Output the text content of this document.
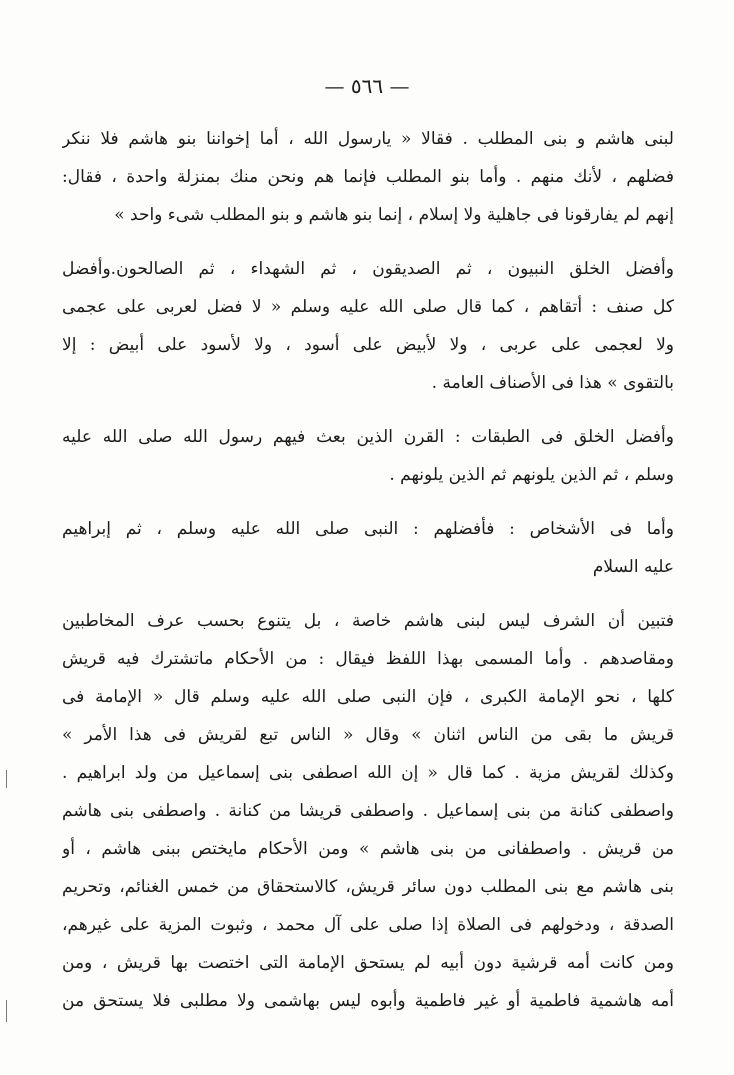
— ٥٦٦ —
لبنى هاشم و بنى المطلب . فقالا « يارسول الله ، أما إخواننا بنو هاشم فلا ننكر
فضلهم ، لأنك منهم . وأما بنو المطلب فإنما هم ونحن منك بمنزلة واحدة ، فقال:
إنهم لم يفارقونا فى جاهلية ولا إسلام ، إنما بنو هاشم و بنو المطلب شىء واحد »
وأفضل الخلق النبيون ، ثم الصديقون ، ثم الشهداء ، ثم الصالحون.وأفضل
كل صنف : أتقاهم ، كما قال صلى الله عليه وسلم « لا فضل لعربى على عجمى
ولا لعجمى على عربى ، ولا لأبيض على أسود ، ولا لأسود على أبيض : إلا
بالتقوى » هذا فى الأصناف العامة .
وأفضل الخلق فى الطبقات : القرن الذين بعث فيهم رسول الله صلى الله عليه
وسلم ، ثم الذين يلونهم ثم الذين يلونهم .
وأما فى الأشخاص : فأفضلهم : النبى صلى الله عليه وسلم ، ثم إبراهيم
عليه السلام
فتبين أن الشرف ليس لبنى هاشم خاصة ، بل يتنوع بحسب عرف المخاطبين
ومقاصدهم . وأما المسمى بهذا اللفظ فيقال : من الأحكام ماتشترك فيه قريش
كلها ، نحو الإمامة الكبرى ، فإن النبى صلى الله عليه وسلم قال « الإمامة فى
قريش ما بقى من الناس اثنان » وقال « الناس تبع لقريش فى هذا الأمر »
وكذلك لقريش مزية . كما قال « إن الله اصطفى بنى إسماعيل من ولد ابراهيم .
واصطفى كنانة من بنى إسماعيل . واصطفى قريشا من كنانة . واصطفى بنى هاشم
من قريش . واصطفانى من بنى هاشم » ومن الأحكام مايختص ببنى هاشم ، أو
بنى هاشم مع بنى المطلب دون سائر قريش، كالاستحقاق من خمس الغنائم، وتحريم
الصدقة ، ودخولهم فى الصلاة إذا صلى على آل محمد ، وثبوت المزية على غيرهم،
ومن كانت أمه قرشية دون أبيه لم يستحق الإمامة التى اختصت بها قريش ، ومن
أمه هاشمية فاطمية أو غير فاطمية وأبوه ليس بهاشمى ولا مطلبى فلا يستحق من
